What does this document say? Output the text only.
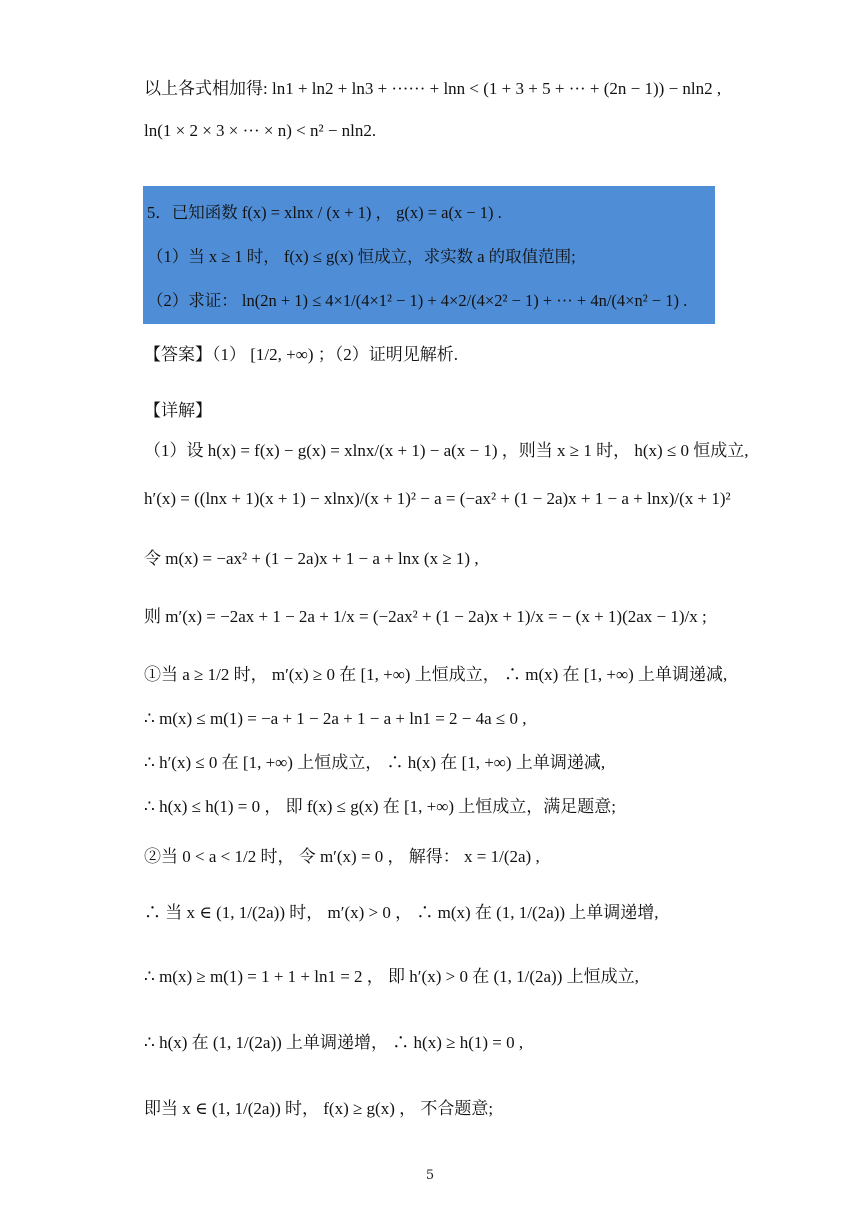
以上各式相加得: ln1 + ln2 + ln3 + ······ + lnn < (1 + 3 + 5 + ··· + (2n − 1)) − nln2 ,
ln(1 × 2 × 3 × ··· × n) < n² − nln2.
5．已知函数 f(x) = xlnx / (x + 1) ， g(x) = a(x − 1) .
（1）当 x ≥ 1 时， f(x) ≤ g(x) 恒成立，求实数 a 的取值范围;
（2）求证： ln(2n + 1) ≤ 4×1/(4×1² − 1) + 4×2/(4×2² − 1) + ··· + 4n/(4×n² − 1) .
【答案】（1） [1/2, +∞) ；（2）证明见解析.
【详解】
（1）设 h(x) = f(x) − g(x) = xlnx/(x + 1) − a(x − 1) ，则当 x ≥ 1 时， h(x) ≤ 0 恒成立,
h′(x) = ((lnx + 1)(x + 1) − xlnx)/(x + 1)² − a = (−ax² + (1 − 2a)x + 1 − a + lnx)/(x + 1)²
令 m(x) = −ax² + (1 − 2a)x + 1 − a + lnx (x ≥ 1) ,
则 m′(x) = −2ax + 1 − 2a + 1/x = (−2ax² + (1 − 2a)x + 1)/x = − (x + 1)(2ax − 1)/x ;
①当 a ≥ 1/2 时， m′(x) ≥ 0 在 [1, +∞) 上恒成立， ∴ m(x) 在 [1, +∞) 上单调递减,
∴ m(x) ≤ m(1) = −a + 1 − 2a + 1 − a + ln1 = 2 − 4a ≤ 0 ,
∴ h′(x) ≤ 0 在 [1, +∞) 上恒成立， ∴ h(x) 在 [1, +∞) 上单调递减,
∴ h(x) ≤ h(1) = 0 ， 即 f(x) ≤ g(x) 在 [1, +∞) 上恒成立，满足题意;
②当 0 < a < 1/2 时， 令 m′(x) = 0 ， 解得： x = 1/(2a) ,
∴ 当 x ∈ (1, 1/(2a)) 时， m′(x) > 0 ， ∴ m(x) 在 (1, 1/(2a)) 上单调递增,
∴ m(x) ≥ m(1) = 1 + 1 + ln1 = 2 ， 即 h′(x) > 0 在 (1, 1/(2a)) 上恒成立,
∴ h(x) 在 (1, 1/(2a)) 上单调递增， ∴ h(x) ≥ h(1) = 0 ,
即当 x ∈ (1, 1/(2a)) 时， f(x) ≥ g(x) ， 不合题意;
5
